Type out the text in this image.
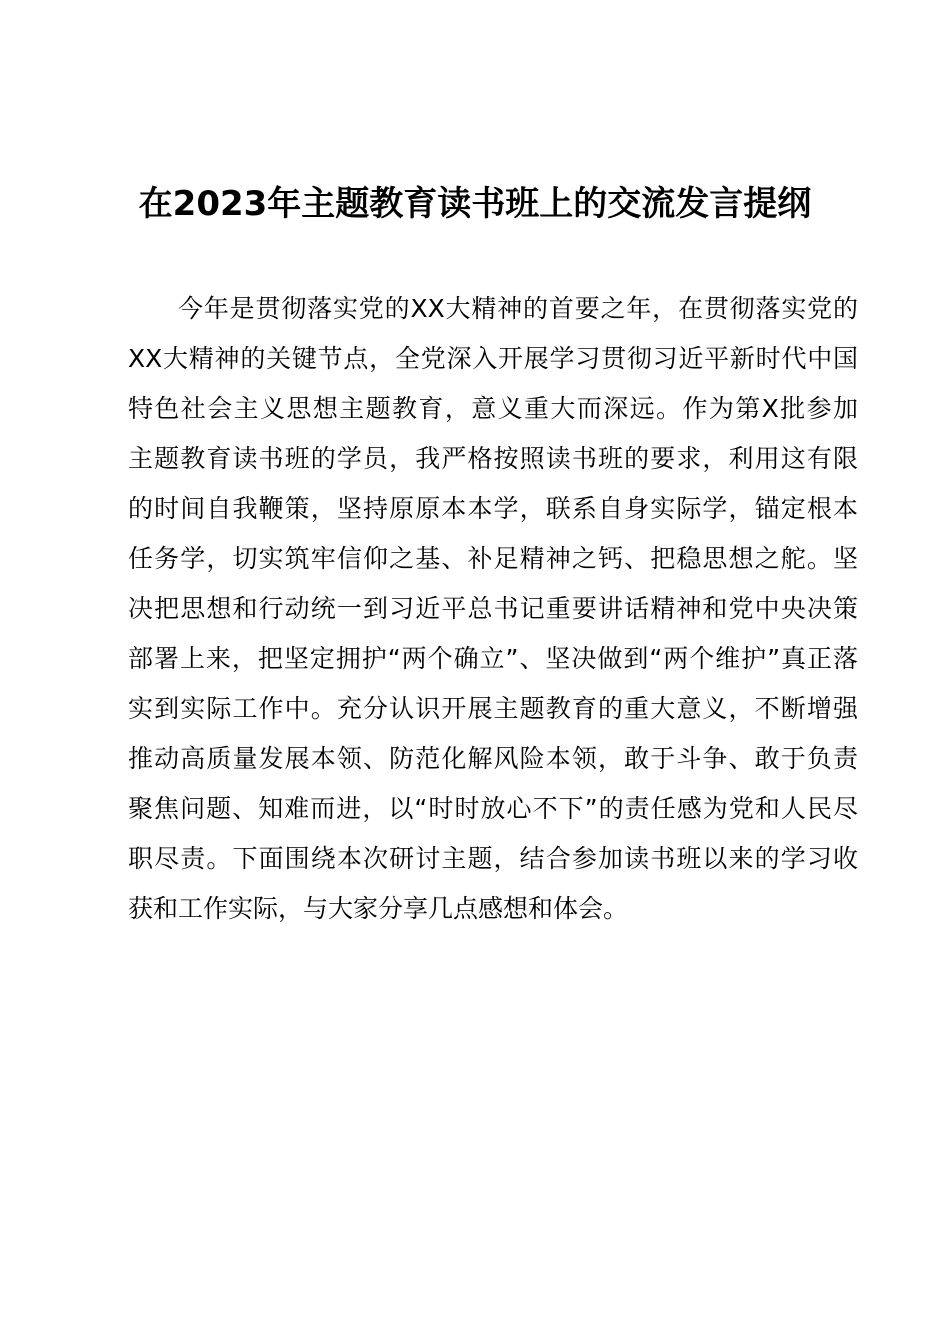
在2023年主题教育读书班上的交流发言提纲
今年是贯彻落实党的XX大精神的首要之年，在贯彻落实党的
XX大精神的关键节点，全党深入开展学习贯彻习近平新时代中国
特色社会主义思想主题教育，意义重大而深远。作为第X批参加
主题教育读书班的学员，我严格按照读书班的要求，利用这有限
的时间自我鞭策，坚持原原本本学，联系自身实际学，锚定根本
任务学，切实筑牢信仰之基、补足精神之钙、把稳思想之舵。坚
决把思想和行动统一到习近平总书记重要讲话精神和党中央决策
部署上来，把坚定拥护“两个确立”、坚决做到“两个维护”真正落
实到实际工作中。充分认识开展主题教育的重大意义，不断增强
推动高质量发展本领、防范化解风险本领，敢于斗争、敢于负责
聚焦问题、知难而进，以“时时放心不下”的责任感为党和人民尽
职尽责。下面围绕本次研讨主题，结合参加读书班以来的学习收
获和工作实际，与大家分享几点感想和体会。
